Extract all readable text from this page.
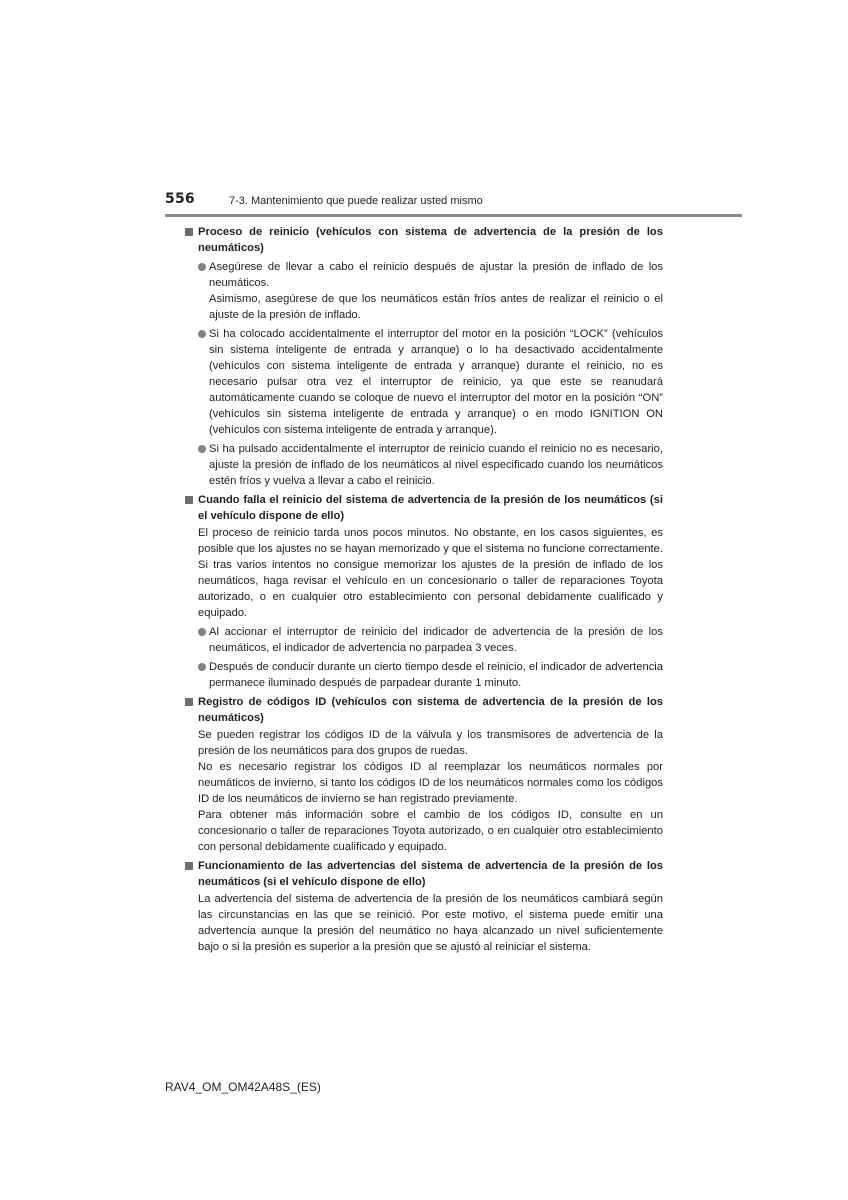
556	7-3. Mantenimiento que puede realizar usted mismo
Proceso de reinicio (vehículos con sistema de advertencia de la presión de los neumáticos)
Asegúrese de llevar a cabo el reinicio después de ajustar la presión de inflado de los neumáticos.
Asimismo, asegúrese de que los neumáticos están fríos antes de realizar el reinicio o el ajuste de la presión de inflado.
Si ha colocado accidentalmente el interruptor del motor en la posición “LOCK” (vehículos sin sistema inteligente de entrada y arranque) o lo ha desactivado accidentalmente (vehículos con sistema inteligente de entrada y arranque) durante el reinicio, no es necesario pulsar otra vez el interruptor de reinicio, ya que este se reanudará automáticamente cuando se coloque de nuevo el interruptor del motor en la posición “ON” (vehículos sin sistema inteligente de entrada y arranque) o en modo IGNITION ON (vehículos con sistema inteligente de entrada y arranque).
Si ha pulsado accidentalmente el interruptor de reinicio cuando el reinicio no es necesario, ajuste la presión de inflado de los neumáticos al nivel especificado cuando los neumáticos estén fríos y vuelva a llevar a cabo el reinicio.
Cuando falla el reinicio del sistema de advertencia de la presión de los neumáticos (si el vehículo dispone de ello)
El proceso de reinicio tarda unos pocos minutos. No obstante, en los casos siguientes, es posible que los ajustes no se hayan memorizado y que el sistema no funcione correctamente. Si tras varios intentos no consigue memorizar los ajustes de la presión de inflado de los neumáticos, haga revisar el vehículo en un concesionario o taller de reparaciones Toyota autorizado, o en cualquier otro establecimiento con personal debidamente cualificado y equipado.
Al accionar el interruptor de reinicio del indicador de advertencia de la presión de los neumáticos, el indicador de advertencia no parpadea 3 veces.
Después de conducir durante un cierto tiempo desde el reinicio, el indicador de advertencia permanece iluminado después de parpadear durante 1 minuto.
Registro de códigos ID (vehículos con sistema de advertencia de la presión de los neumáticos)
Se pueden registrar los códigos ID de la válvula y los transmisores de advertencia de la presión de los neumáticos para dos grupos de ruedas.
No es necesario registrar los códigos ID al reemplazar los neumáticos normales por neumáticos de invierno, si tanto los códigos ID de los neumáticos normales como los códigos ID de los neumáticos de invierno se han registrado previamente.
Para obtener más información sobre el cambio de los códigos ID, consulte en un concesionario o taller de reparaciones Toyota autorizado, o en cualquier otro establecimiento con personal debidamente cualificado y equipado.
Funcionamiento de las advertencias del sistema de advertencia de la presión de los neumáticos (si el vehículo dispone de ello)
La advertencia del sistema de advertencia de la presión de los neumáticos cambiará según las circunstancias en las que se reinició. Por este motivo, el sistema puede emitir una advertencia aunque la presión del neumático no haya alcanzado un nivel suficientemente bajo o si la presión es superior a la presión que se ajustó al reiniciar el sistema.
RAV4_OM_OM42A48S_(ES)
